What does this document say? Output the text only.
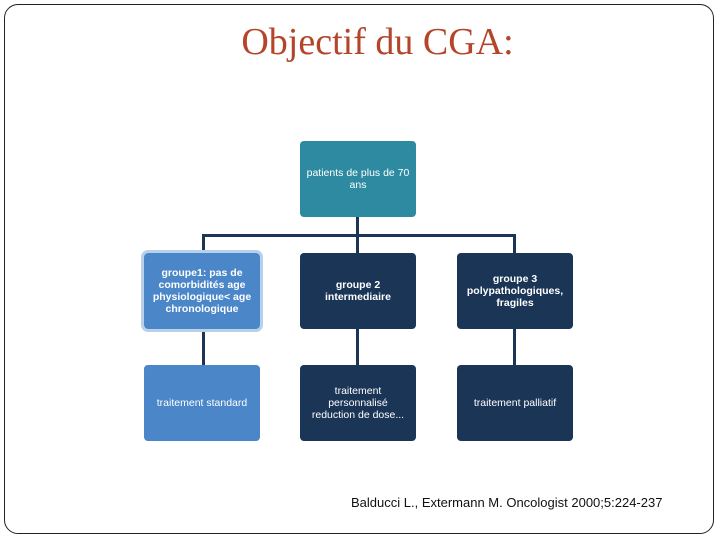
Objectif du CGA:
patients de plus de 70 ans
groupe1: pas de comorbidités age physiologique< age chronologique
groupe 2 intermediaire
groupe 3 polypathologiques, fragiles
traitement standard
traitement personnalisé reduction de dose...
traitement palliatif
Balducci L., Extermann M. Oncologist 2000;5:224-237
